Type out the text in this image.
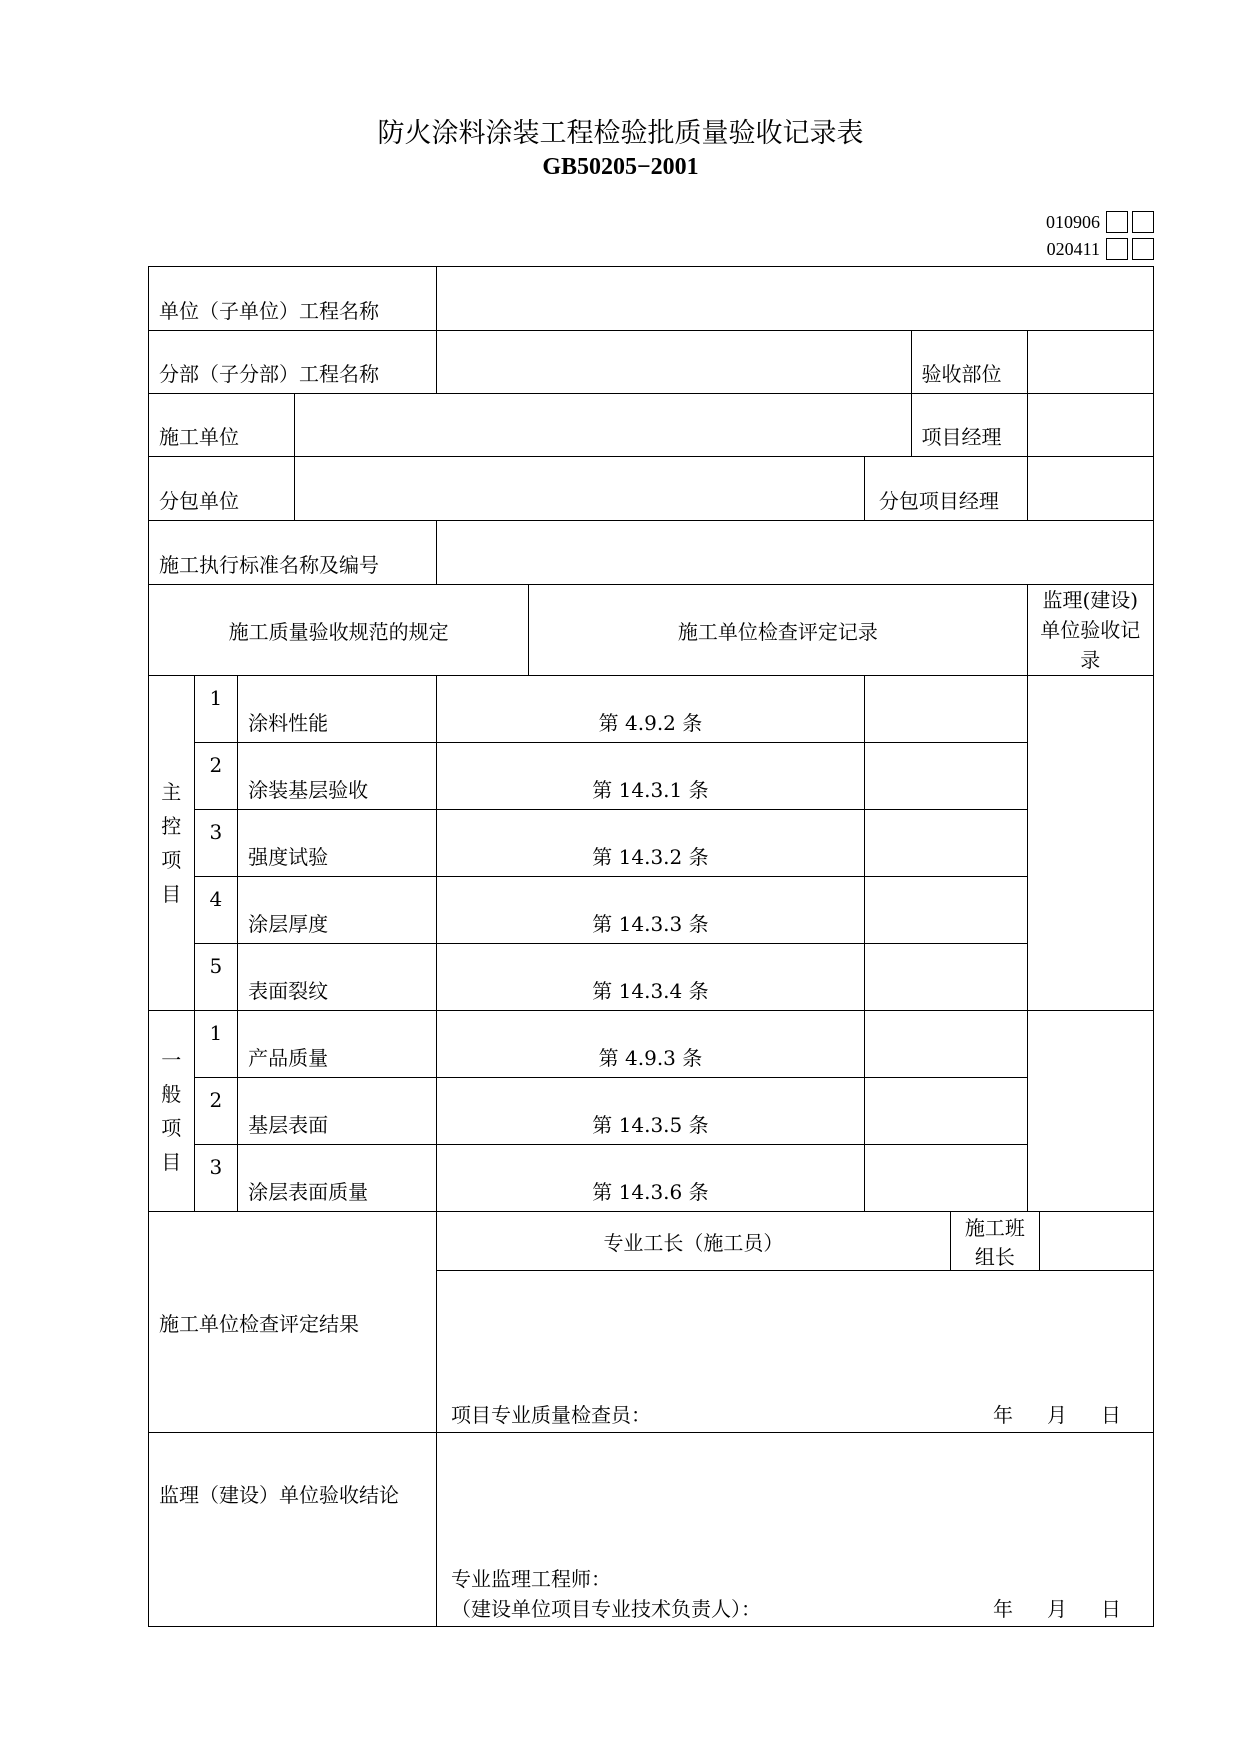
防火涂料涂装工程检验批质量验收记录表
GB50205−2001
010906
020411
单位（子单位）工程名称										
分部（子分部）工程名称							验收部位			
施工单位							项目经理			
分包单位						分包项目经理				
施工执行标准名称及编号										
施工质量验收规范的规定					施工单位检查评定记录				监理(建设)单位验收记录	

主控项目	1	涂料性能		第 4.9.2 条						

	2	涂装基层验收		第 14.3.1 条						

	3	强度试验		第 14.3.2 条						

	4	涂层厚度		第 14.3.3 条						

	5	表面裂纹		第 14.3.4 条						

一般项目	1	产品质量		第 4.9.3 条						

	2	基层表面		第 14.3.5 条						

	3	涂层表面质量		第 14.3.6 条						
施工单位检查评定结果				专业工长（施工员）				施工班组长		

				项目专业质量检查员： 年 月 日						

监理（建设）单位验收结论				专业监理工程师：
（建设单位项目专业技术负责人）： 年 月 日						
